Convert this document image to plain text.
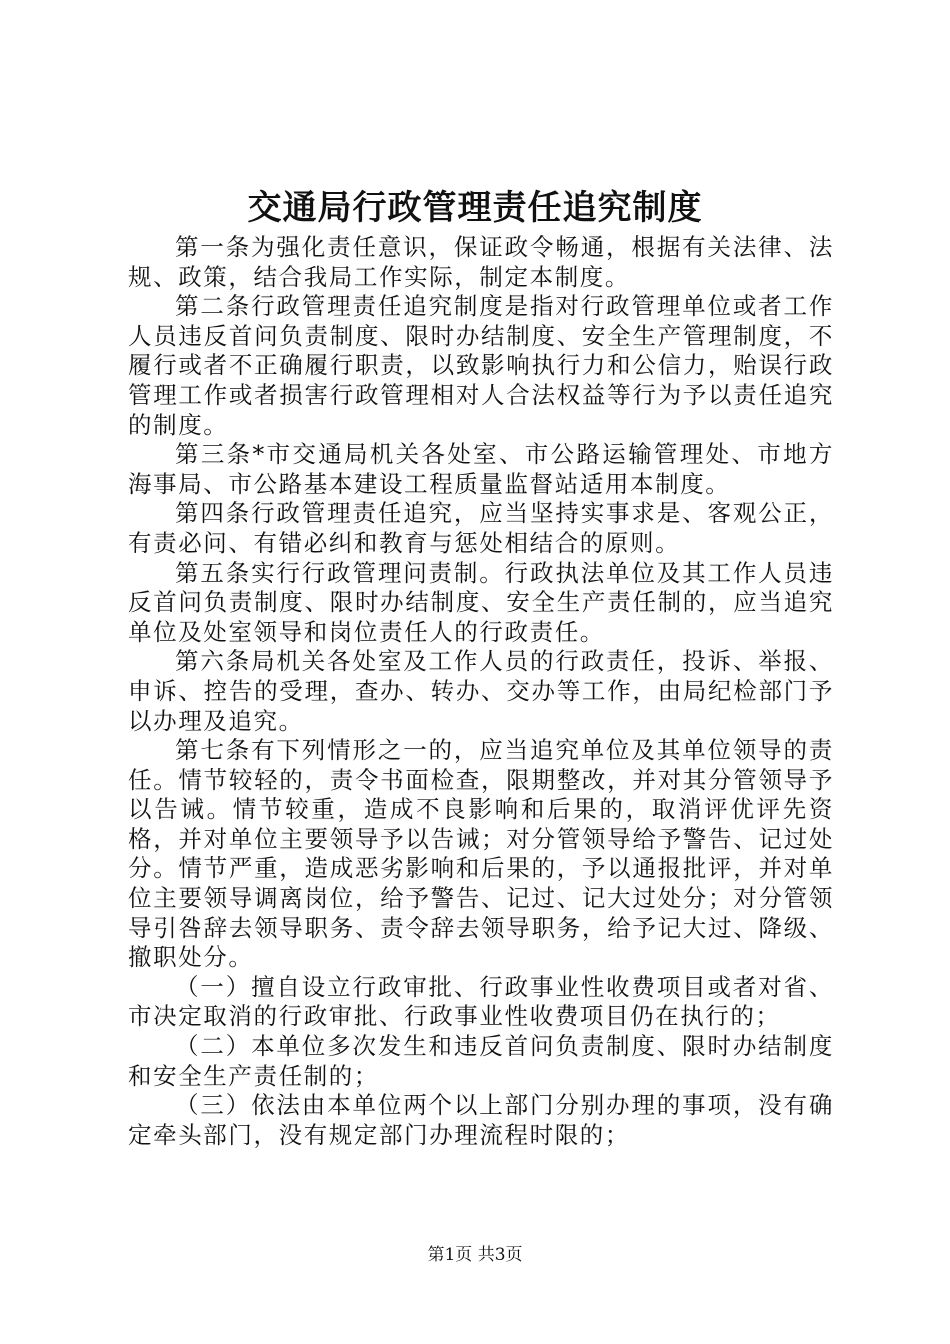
交通局行政管理责任追究制度

第一条为强化责任意识，保证政令畅通，根据有关法律、法规、政策，结合我局工作实际，制定本制度。

第二条行政管理责任追究制度是指对行政管理单位或者工作人员违反首问负责制度、限时办结制度、安全生产管理制度，不履行或者不正确履行职责，以致影响执行力和公信力，贻误行政管理工作或者损害行政管理相对人合法权益等行为予以责任追究的制度。

第三条*市交通局机关各处室、市公路运输管理处、市地方海事局、市公路基本建设工程质量监督站适用本制度。

第四条行政管理责任追究，应当坚持实事求是、客观公正，有责必问、有错必纠和教育与惩处相结合的原则。

第五条实行行政管理问责制。行政执法单位及其工作人员违反首问负责制度、限时办结制度、安全生产责任制的，应当追究单位及处室领导和岗位责任人的行政责任。

第六条局机关各处室及工作人员的行政责任，投诉、举报、申诉、控告的受理，查办、转办、交办等工作，由局纪检部门予以办理及追究。

第七条有下列情形之一的，应当追究单位及其单位领导的责任。情节较轻的，责令书面检查，限期整改，并对其分管领导予以告诫。情节较重，造成不良影响和后果的，取消评优评先资格，并对单位主要领导予以告诫；对分管领导给予警告、记过处分。情节严重，造成恶劣影响和后果的，予以通报批评，并对单位主要领导调离岗位，给予警告、记过、记大过处分；对分管领导引咎辞去领导职务、责令辞去领导职务，给予记大过、降级、撤职处分。

（一）擅自设立行政审批、行政事业性收费项目或者对省、市决定取消的行政审批、行政事业性收费项目仍在执行的；

（二）本单位多次发生和违反首问负责制度、限时办结制度和安全生产责任制的；

（三）依法由本单位两个以上部门分别办理的事项，没有确定牵头部门，没有规定部门办理流程时限的；

第1页 共3页
